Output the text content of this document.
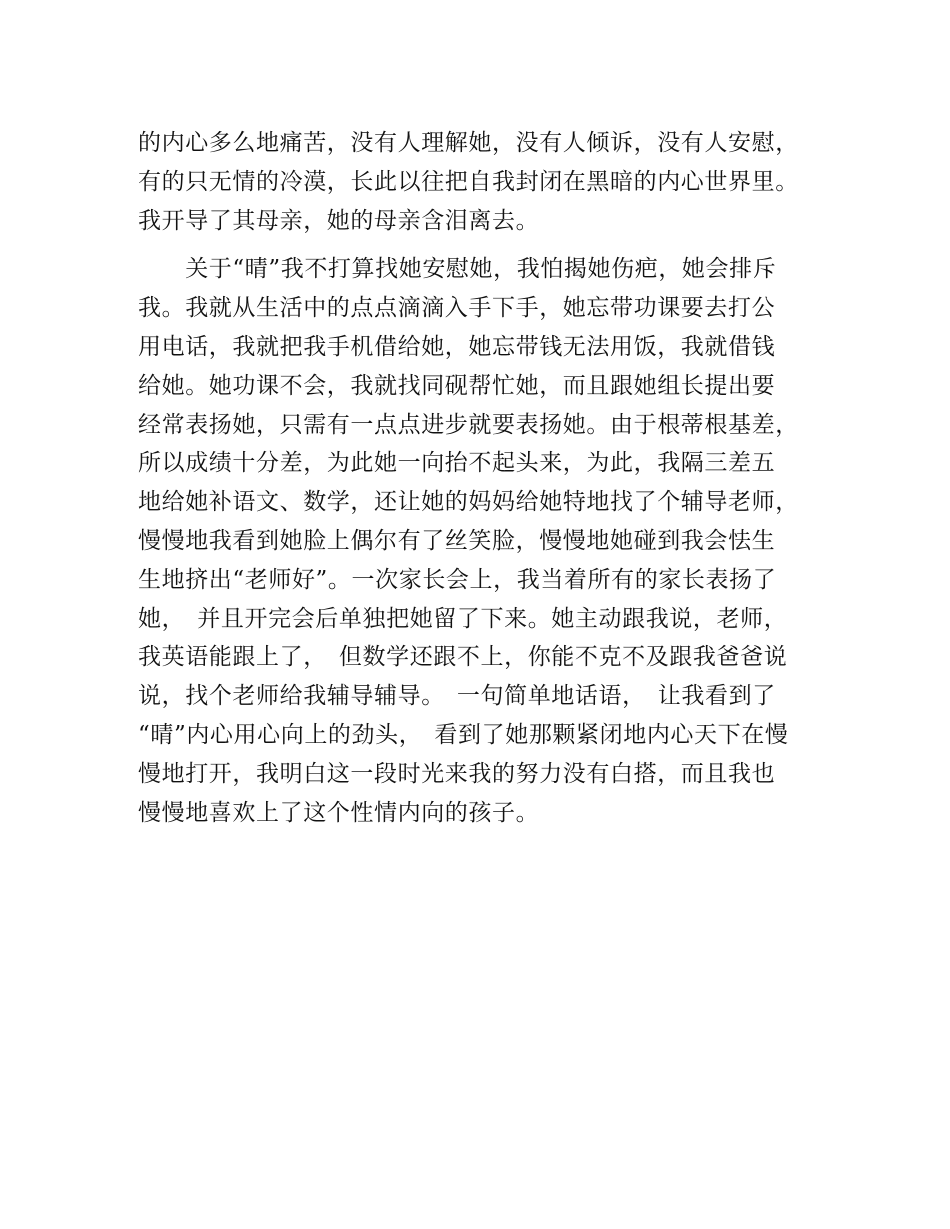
的内心多么地痛苦，没有人理解她，没有人倾诉，没有人安慰，
有的只无情的冷漠，长此以往把自我封闭在黑暗的内心世界里。
我开导了其母亲，她的母亲含泪离去。
　　关于“晴”我不打算找她安慰她，我怕揭她伤疤，她会排斥
我。我就从生活中的点点滴滴入手下手，她忘带功课要去打公
用电话，我就把我手机借给她，她忘带钱无法用饭，我就借钱
给她。她功课不会，我就找同砚帮忙她，而且跟她组长提出要
经常表扬她，只需有一点点进步就要表扬她。由于根蒂根基差，
所以成绩十分差，为此她一向抬不起头来，为此，我隔三差五
地给她补语文、数学，还让她的妈妈给她特地找了个辅导老师，
慢慢地我看到她脸上偶尔有了丝笑脸，慢慢地她碰到我会怯生
生地挤出“老师好”。一次家长会上，我当着所有的家长表扬了
她，　并且开完会后单独把她留了下来。她主动跟我说，老师，
我英语能跟上了，　但数学还跟不上，你能不克不及跟我爸爸说
说，找个老师给我辅导辅导。　一句简单地话语，　让我看到了
“晴”内心用心向上的劲头，　看到了她那颗紧闭地内心天下在慢
慢地打开，我明白这一段时光来我的努力没有白搭，而且我也
慢慢地喜欢上了这个性情内向的孩子。
